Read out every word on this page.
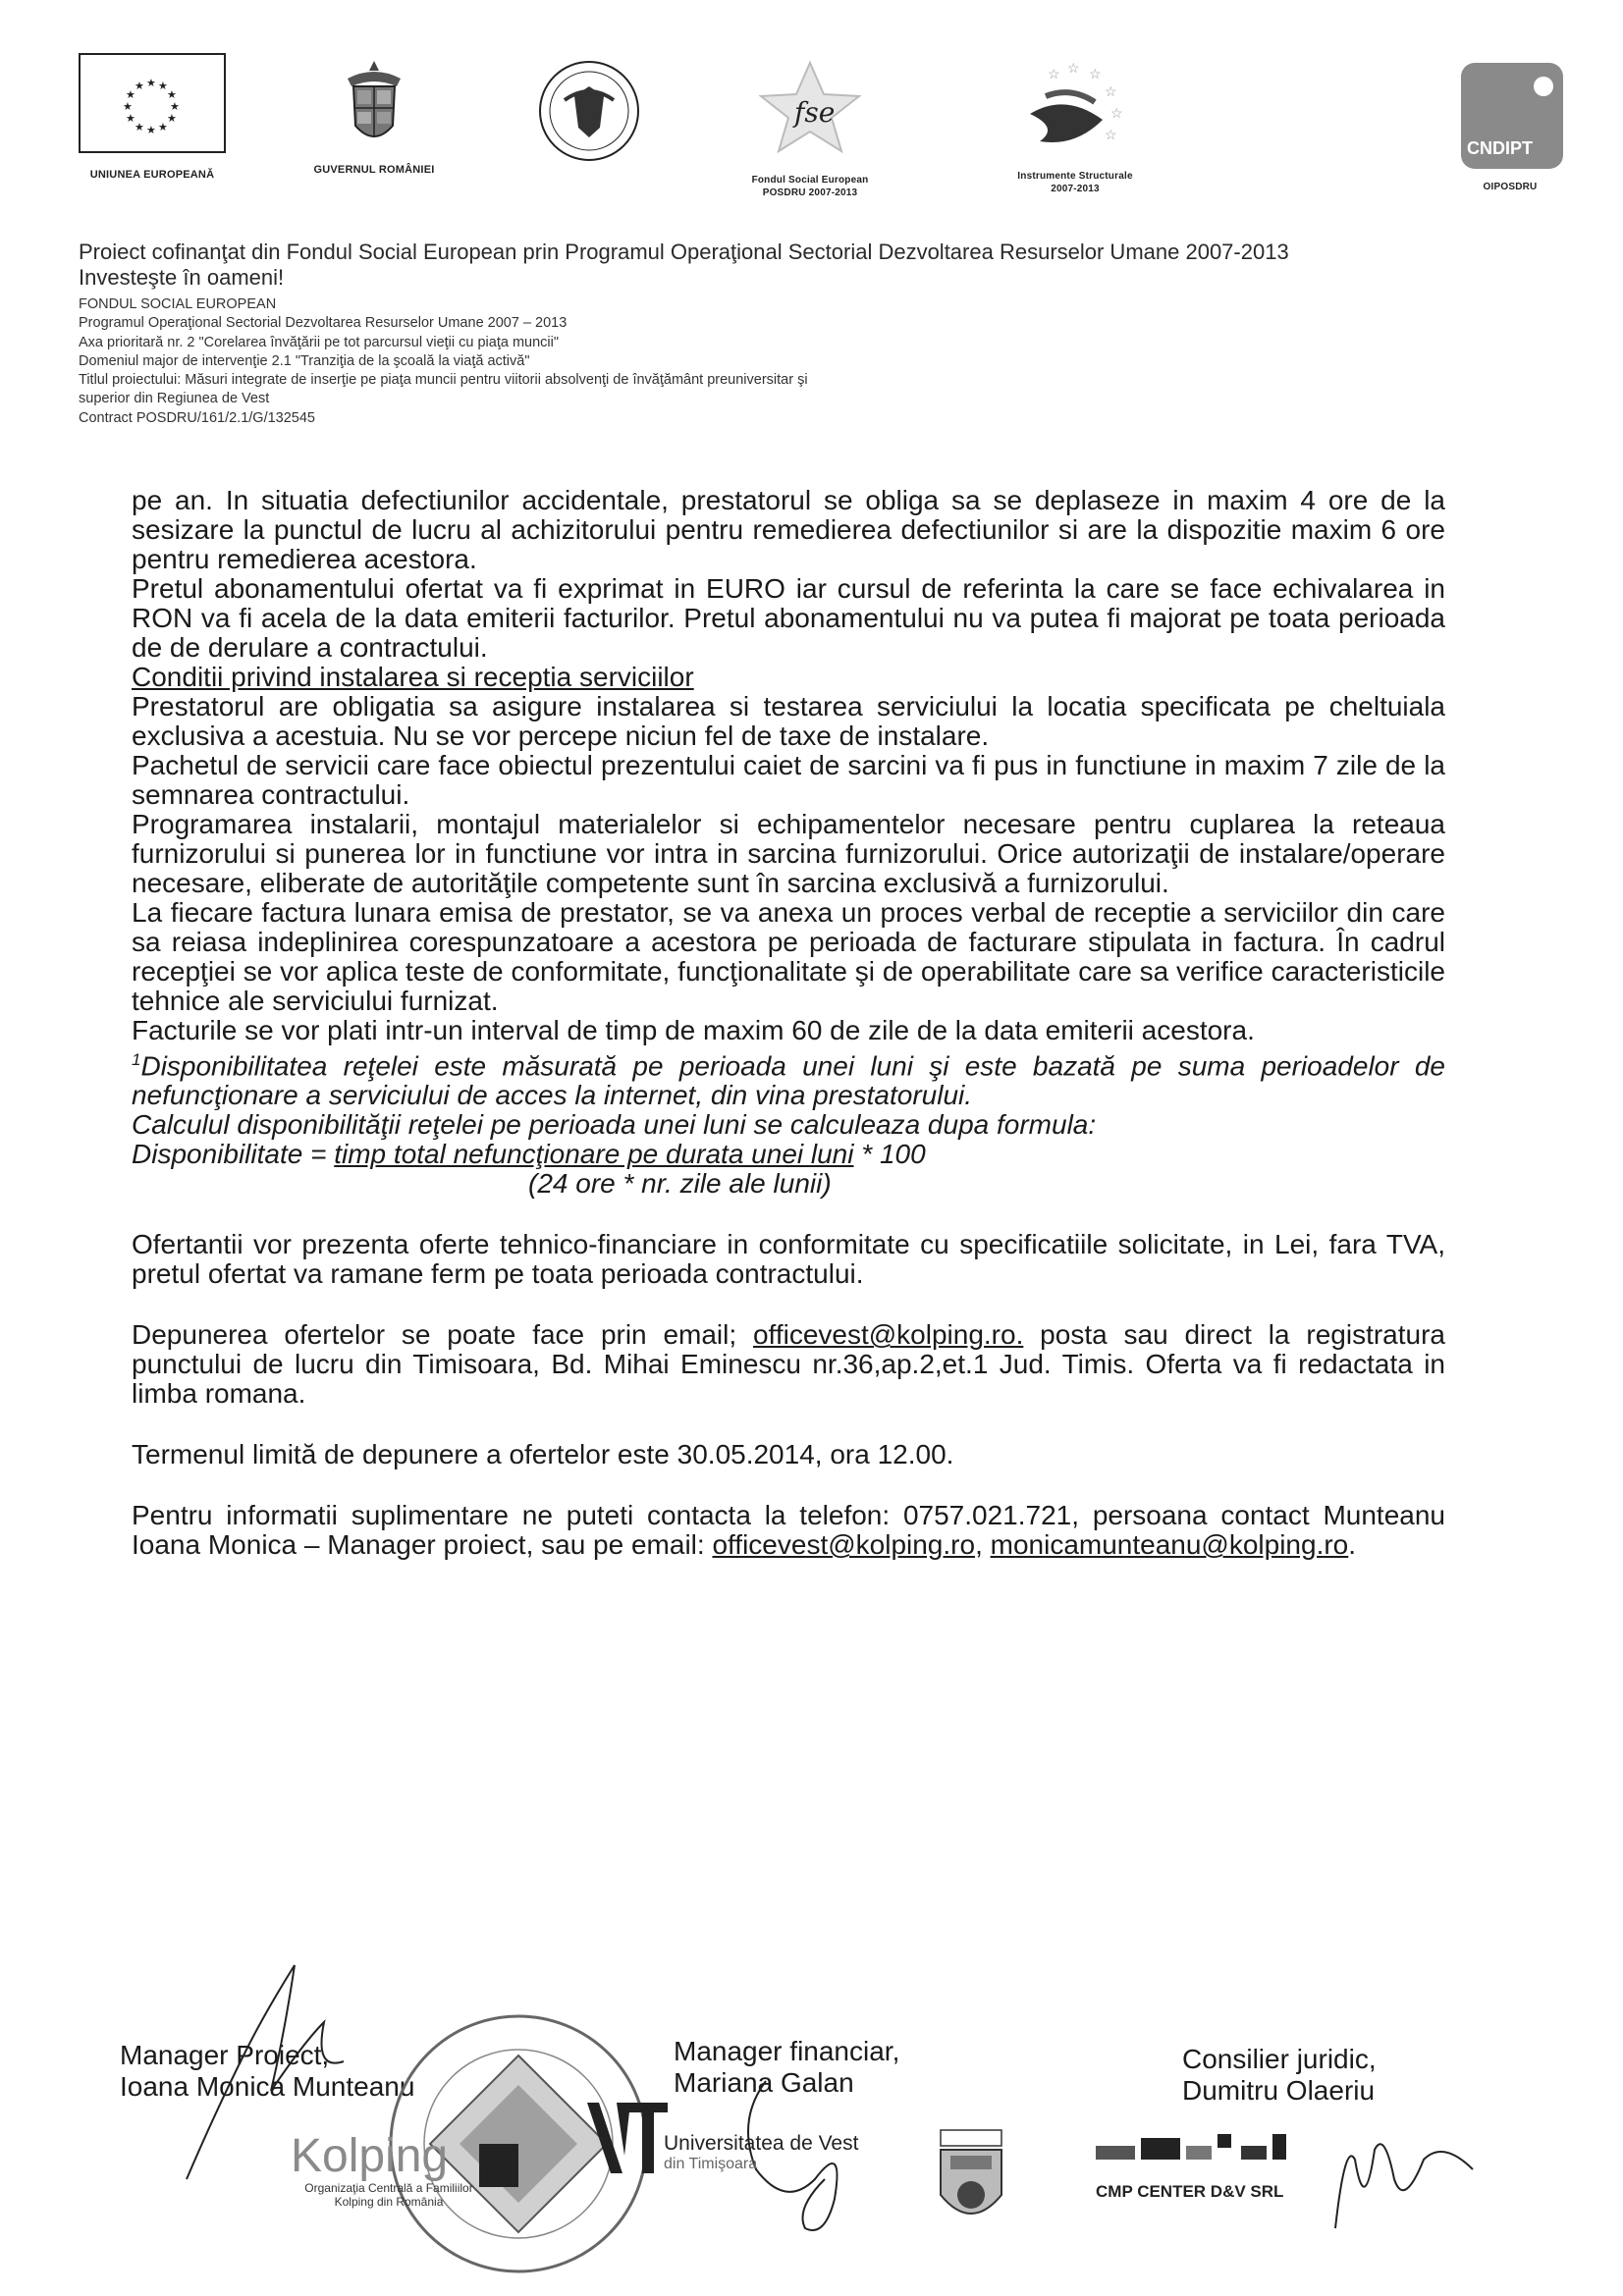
★ ★
★
★
★
★
★
★
★
★
★
★
UNIUNEA EUROPEANĂ	GUVERNUL ROMÂNIEI
fse
Fondul Social European
POSDRU 2007-2013
☆ ☆
☆
☆
☆
☆
Instrumente Structurale
2007-2013
CNDIPT
OIPOSDRU
Proiect cofinanţat din Fondul Social European prin Programul Operaţional Sectorial Dezvoltarea Resurselor Umane 2007-2013
Investeşte în oameni!
FONDUL SOCIAL EUROPEAN
Programul Operaţional Sectorial Dezvoltarea Resurselor Umane 2007 – 2013
Axa prioritară nr. 2 "Corelarea învăţării pe tot parcursul vieţii cu piaţa muncii"
Domeniul major de intervenţie 2.1 "Tranziţia de la şcoală la viaţă activă"
Titlul proiectului: Măsuri integrate de inserţie pe piaţa muncii pentru viitorii absolvenţi de învăţământ preuniversitar şi
superior din Regiunea de Vest
Contract POSDRU/161/2.1/G/132545

pe an. In situatia defectiunilor accidentale, prestatorul se obliga sa se deplaseze in maxim 4 ore de la sesizare la punctul de lucru al achizitorului pentru remedierea defectiunilor si are la dispozitie maxim 6 ore pentru remedierea acestora.

Pretul abonamentului ofertat va fi exprimat in EURO iar cursul de referinta la care se face echivalarea in RON va fi acela de la data emiterii facturilor. Pretul abonamentului nu va putea fi majorat pe toata perioada de de derulare a contractului.

Conditii privind instalarea si receptia serviciilor

Prestatorul are obligatia sa asigure instalarea si testarea serviciului la locatia specificata pe cheltuiala exclusiva a acestuia. Nu se vor percepe niciun fel de taxe de instalare.

Pachetul de servicii care face obiectul prezentului caiet de sarcini va fi pus in functiune in maxim 7 zile de la semnarea contractului.

Programarea instalarii, montajul materialelor si echipamentelor necesare pentru cuplarea la reteaua furnizorului si punerea lor in functiune vor intra in sarcina furnizorului. Orice autorizaţii de instalare/operare necesare, eliberate de autorităţile competente sunt în sarcina exclusivă a furnizorului.

La fiecare factura lunara emisa de prestator, se va anexa un proces verbal de receptie a serviciilor din care sa reiasa indeplinirea corespunzatoare a acestora pe perioada de facturare stipulata in factura. În cadrul recepţiei se vor aplica teste de conformitate, funcţionalitate şi de operabilitate care sa verifice caracteristicile tehnice ale serviciului furnizat.

Facturile se vor plati intr-un interval de timp de maxim 60 de zile de la data emiterii acestora.

$^1$Disponibilitatea reţelei este măsurată pe perioada unei luni şi este bazată pe suma perioadelor de nefuncţionare a serviciului de acces la internet, din vina prestatorului.

Calculul disponibilităţii reţelei pe perioada unei luni se calculeaza dupa formula:

Disponibilitate = timp total nefuncţionare pe durata unei luni * 100

(24 ore * nr. zile ale lunii)

Ofertantii vor prezenta oferte tehnico-financiare in conformitate cu specificatiile solicitate, in Lei, fara TVA, pretul ofertat va ramane ferm pe toata perioada contractului.

Depunerea ofertelor se poate face prin email; officevest@kolping.ro. posta sau direct la registratura punctului de lucru din Timisoara, Bd. Mihai Eminescu nr.36,ap.2,et.1 Jud. Timis. Oferta va fi redactata in limba romana.

Termenul limită de depunere a ofertelor este 30.05.2014, ora 12.00.

Pentru informatii suplimentare ne puteti contacta la telefon: 0757.021.721, persoana contact Munteanu Ioana Monica – Manager proiect, sau pe email: officevest@kolping.ro, monicamunteanu@kolping.ro.

Manager Proiect,
Ioana Monica Munteanu
Manager financiar,
Mariana Galan
Consilier juridic,
Dumitru Olaeriu
Kolping
Organizaţia Centrală a Familiilor
Kolping din România
Universitatea de Vest
din Timişoara
CMP CENTER D&V SRL
